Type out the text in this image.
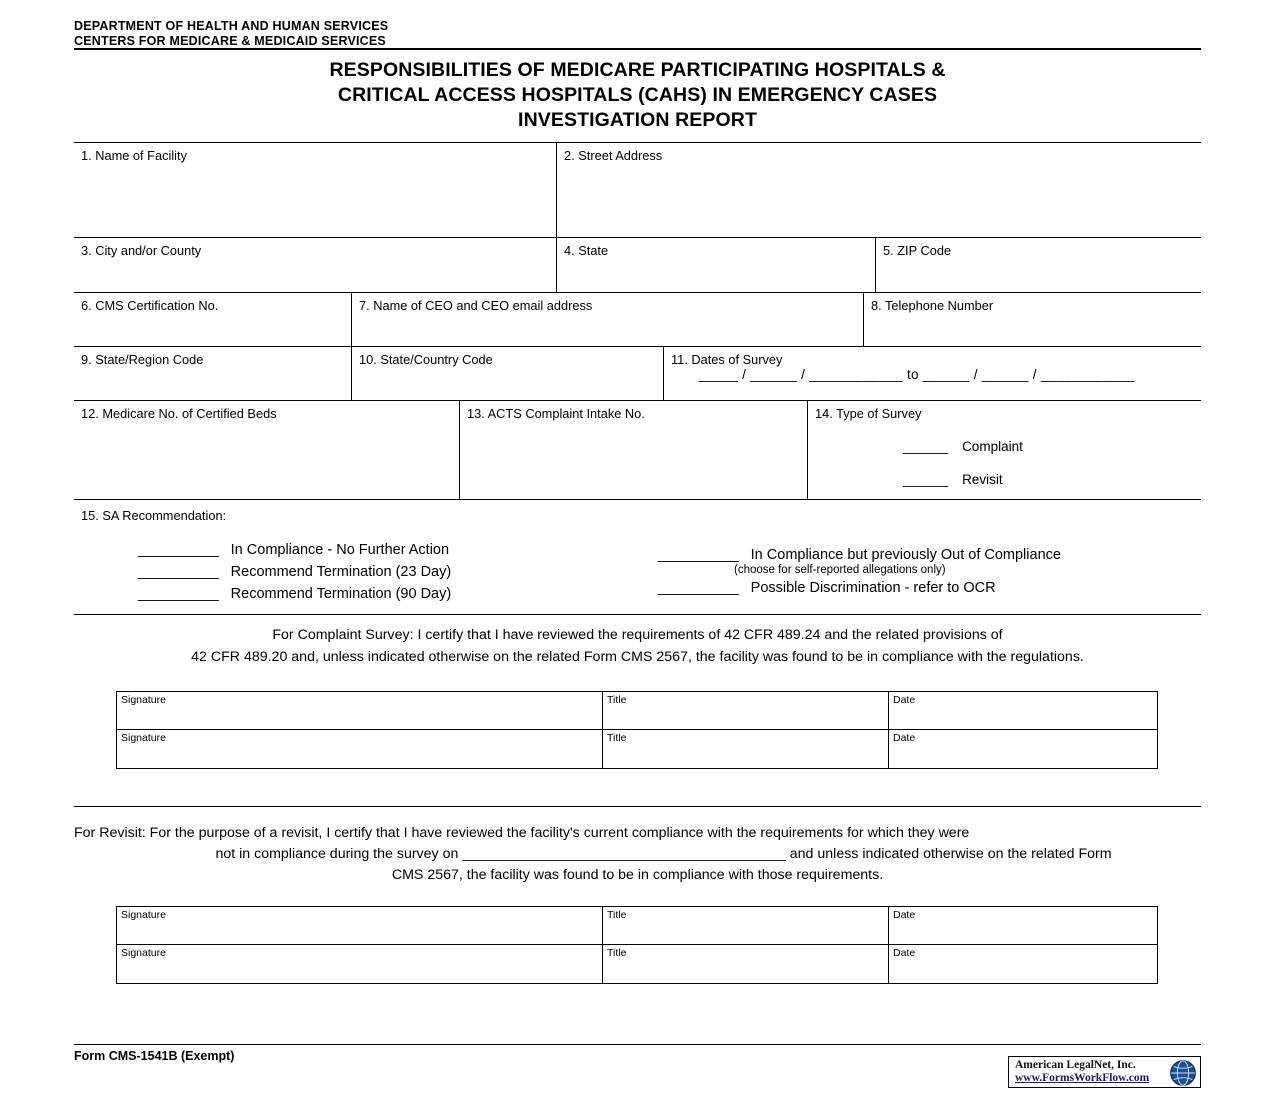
DEPARTMENT OF HEALTH AND HUMAN SERVICES
CENTERS FOR MEDICARE & MEDICAID SERVICES
RESPONSIBILITIES OF MEDICARE PARTICIPATING HOSPITALS &
CRITICAL ACCESS HOSPITALS (CAHS) IN EMERGENCY CASES
INVESTIGATION REPORT
1. Name of Facility	2. Street Address
3. City and/or County	4. State	5. ZIP Code
6. CMS Certification No.	7. Name of CEO and CEO email address	8. Telephone Number
9. State/Region Code	10. State/Country Code	11. Dates of Survey
_____ / ______ / ____________ to ______ / ______ / ____________
12. Medicare No. of Certified Beds	13. ACTS Complaint Intake No.	14. Type of Survey
______ Complaint
______ Revisit
15. SA Recommendation:
__________ In Compliance - No Further Action
__________ Recommend Termination (23 Day)
__________ Recommend Termination (90 Day)
__________ In Compliance but previously Out of Compliance
(choose for self-reported allegations only)
__________ Possible Discrimination - refer to OCR
For Complaint Survey: I certify that I have reviewed the requirements of 42 CFR 489.24 and the related provisions of
42 CFR 489.20 and, unless indicated otherwise on the related Form CMS 2567, the facility was found to be in compliance with the regulations.
Signature	Title	Date
Signature	Title	Date
For Revisit: For the purpose of a revisit, I certify that I have reviewed the facility's current compliance with the requirements for which they were
not in compliance during the survey on _________________________________________ and unless indicated otherwise on the related Form
CMS 2567, the facility was found to be in compliance with those requirements.
Signature	Title	Date
Signature	Title	Date
Form CMS-1541B (Exempt)
American LegalNet, Inc.
www.FormsWorkFlow.com
